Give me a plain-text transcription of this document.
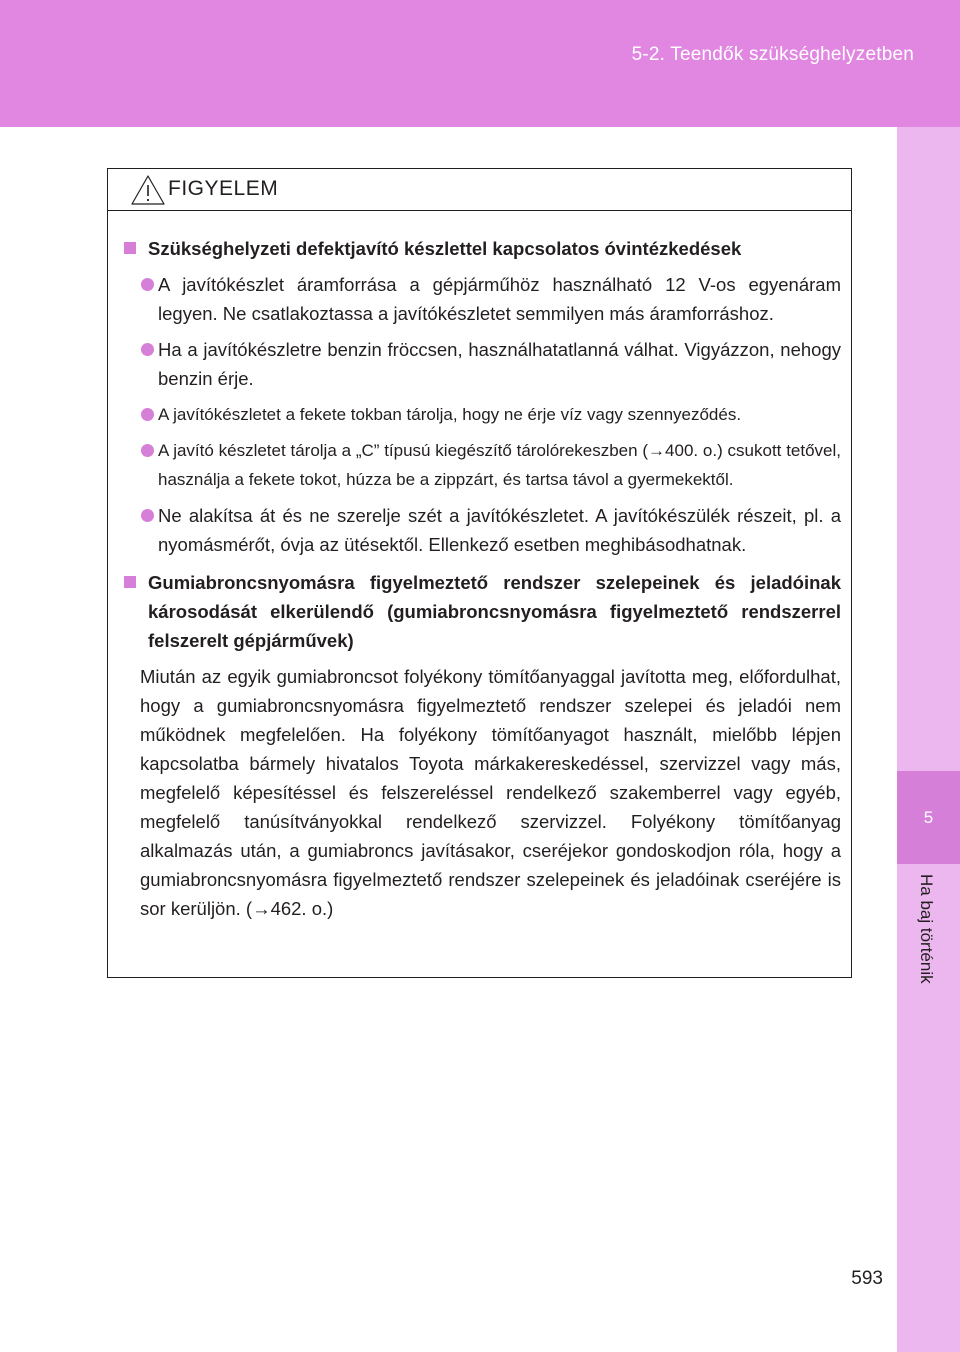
5-2. Teendők szükséghelyzetben
5
Ha baj történik
FIGYELEM
Szükséghelyzeti defektjavító készlettel kapcsolatos óvintézkedések
A javítókészlet áramforrása a gépjárműhöz használható 12 V-os egyenáram legyen. Ne csatlakoztassa a javítókészletet semmilyen más áramforráshoz.
Ha a javítókészletre benzin fröccsen, használhatatlanná válhat. Vigyázzon, nehogy benzin érje.
A javítókészletet a fekete tokban tárolja, hogy ne érje víz vagy szennyeződés.
A javító készletet tárolja a „C” típusú kiegészítő tárolórekeszben (→400. o.) csukott tetővel, használja a fekete tokot, húzza be a zippzárt, és tartsa távol a gyermekektől.
Ne alakítsa át és ne szerelje szét a javítókészletet. A javítókészülék részeit, pl. a nyomásmérőt, óvja az ütésektől. Ellenkező esetben meghibásodhatnak.
Gumiabroncsnyomásra figyelmeztető rendszer szelepeinek és jeladóinak károsodását elkerülendő (gumiabroncsnyomásra figyelmeztető rendszerrel felszerelt gépjárművek)
Miután az egyik gumiabroncsot folyékony tömítőanyaggal javította meg, előfordulhat, hogy a gumiabroncsnyomásra figyelmeztető rendszer szelepei és jeladói nem működnek megfelelően. Ha folyékony tömítőanyagot használt, mielőbb lépjen kapcsolatba bármely hivatalos Toyota márkakereskedéssel, szervizzel vagy más, megfelelő képesítéssel és felszereléssel rendelkező szakemberrel vagy egyéb, megfelelő tanúsítványokkal rendelkező szervizzel. Folyékony tömítőanyag alkalmazás után, a gumiabroncs javításakor, cseréjekor gondoskodjon róla, hogy a gumiabroncsnyomásra figyelmeztető rendszer szelepeinek és jeladóinak cseréjére is sor kerüljön. (→462. o.)
593
